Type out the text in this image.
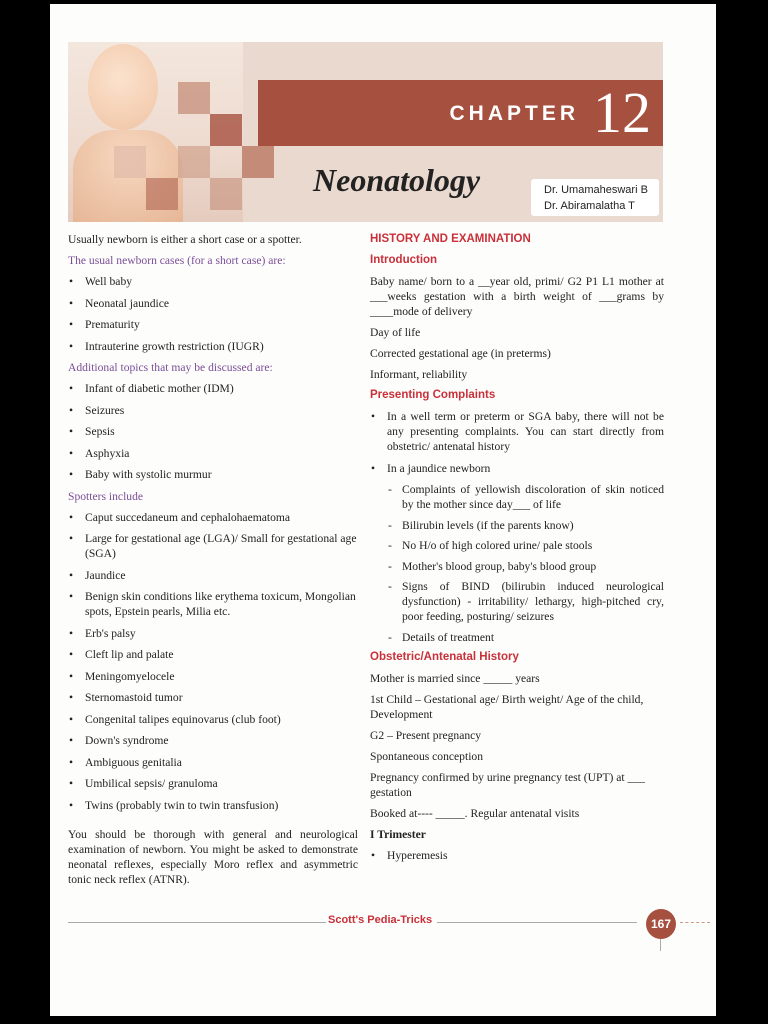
CHAPTER 12
Neonatology	Dr. Umamaheswari B
Dr. Abiramalatha T

Usually newborn is either a short case or a spotter.

The usual newborn cases (for a short case) are:

• Well baby
• Neonatal jaundice
• Prematurity
• Intrauterine growth restriction (IUGR)

Additional topics that may be discussed are:

• Infant of diabetic mother (IDM)
• Seizures
• Sepsis
• Asphyxia
• Baby with systolic murmur

Spotters include

• Caput succedaneum and cephalohaematoma
• Large for gestational age (LGA)/ Small for gestational age (SGA)
• Jaundice
• Benign skin conditions like erythema toxicum, Mongolian spots, Epstein pearls, Milia etc.
• Erb's palsy
• Cleft lip and palate
• Meningomyelocele
• Sternomastoid tumor
• Congenital talipes equinovarus (club foot)
• Down's syndrome
• Ambiguous genitalia
• Umbilical sepsis/ granuloma
• Twins (probably twin to twin transfusion)

You should be thorough with general and neurological examination of newborn. You might be asked to demonstrate neonatal reflexes, especially Moro reflex and asymmetric tonic neck reflex (ATNR).

HISTORY AND EXAMINATION

Introduction

Baby name/ born to a __year old, primi/ G2 P1 L1 mother at ___weeks gestation with a birth weight of ___grams by ____mode of delivery

Day of life

Corrected gestational age (in preterms)

Informant, reliability

Presenting Complaints

• In a well term or preterm or SGA baby, there will not be any presenting complaints. You can start directly from obstetric/ antenatal history
• In a jaundice newborn
- Complaints of yellowish discoloration of skin noticed by the mother since day___ of life
- Bilirubin levels (if the parents know)
- No H/o of high colored urine/ pale stools
- Mother's blood group, baby's blood group
- Signs of BIND (bilirubin induced neurological dysfunction) - irritability/ lethargy, high-pitched cry, poor feeding, posturing/ seizures
- Details of treatment

Obstetric/Antenatal History

Mother is married since _____ years

1st Child – Gestational age/ Birth weight/ Age of the child, Development

G2 – Present pregnancy

Spontaneous conception

Pregnancy confirmed by urine pregnancy test (UPT) at ___ gestation

Booked at---- _____. Regular antenatal visits

I Trimester

• Hyperemesis
Scott's Pedia-Tricks	167
